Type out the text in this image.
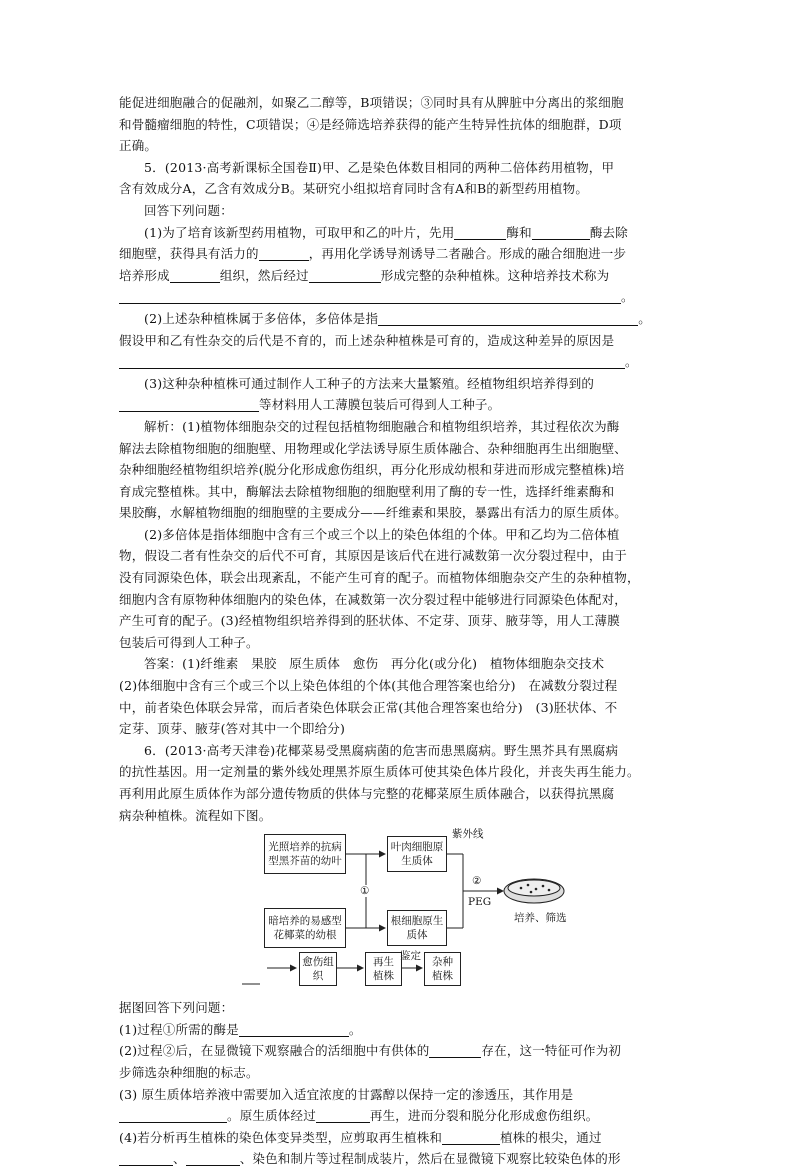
能促进细胞融合的促融剂，如聚乙二醇等，B项错误；③同时具有从脾脏中分离出的浆细胞

和骨髓瘤细胞的特性，C项错误；④是经筛选培养获得的能产生特异性抗体的细胞群，D项

正确。

5．(2013·高考新课标全国卷Ⅱ)甲、乙是染色体数目相同的两种二倍体药用植物，甲

含有效成分A，乙含有效成分B。某研究小组拟培育同时含有A和B的新型药用植物。

回答下列问题：

(1)为了培育该新型药用植物，可取甲和乙的叶片，先用	酶和	酶去除

细胞壁，获得具有活力的	，再用化学诱导剂诱导二者融合。形成的融合细胞进一步

培养形成	组织，然后经过	形成完整的杂种植株。这种培养技术称为

。

(2)上述杂种植株属于多倍体，多倍体是指	。

假设甲和乙有性杂交的后代是不育的，而上述杂种植株是可育的，造成这种差异的原因是

。

(3)这种杂种植株可通过制作人工种子的方法来大量繁殖。经植物组织培养得到的

等材料用人工薄膜包装后可得到人工种子。

解析：(1)植物体细胞杂交的过程包括植物细胞融合和植物组织培养，其过程依次为酶

解法去除植物细胞的细胞壁、用物理或化学法诱导原生质体融合、杂种细胞再生出细胞壁、

杂种细胞经植物组织培养(脱分化形成愈伤组织，再分化形成幼根和芽进而形成完整植株)培

育成完整植株。其中，酶解法去除植物细胞的细胞壁利用了酶的专一性，选择纤维素酶和

果胶酶，水解植物细胞的细胞壁的主要成分——纤维素和果胶，暴露出有活力的原生质体。

(2)多倍体是指体细胞中含有三个或三个以上的染色体组的个体。甲和乙均为二倍体植

物，假设二者有性杂交的后代不可育，其原因是该后代在进行减数第一次分裂过程中，由于

没有同源染色体，联会出现紊乱，不能产生可育的配子。而植物体细胞杂交产生的杂种植物，

细胞内含有原物种体细胞内的染色体，在减数第一次分裂过程中能够进行同源染色体配对，

产生可育的配子。(3)经植物组织培养得到的胚状体、不定芽、顶芽、腋芽等，用人工薄膜

包装后可得到人工种子。

答案：(1)纤维素　果胶　原生质体　愈伤　再分化(或分化)　植物体细胞杂交技术

(2)体细胞中含有三个或三个以上染色体组的个体(其他合理答案也给分)　在减数分裂过程

中，前者染色体联会异常，而后者染色体联会正常(其他合理答案也给分)　(3)胚状体、不

定芽、顶芽、腋芽(答对其中一个即给分)

6．(2013·高考天津卷)花椰菜易受黑腐病菌的危害而患黑腐病。野生黑芥具有黑腐病

的抗性基因。用一定剂量的紫外线处理黑芥原生质体可使其染色体片段化，并丧失再生能力。

再利用此原生质体作为部分遗传物质的供体与完整的花椰菜原生质体融合，以获得抗黑腐

病杂种植株。流程如下图。

光照培养的抗病型黑芥苗的幼叶
叶肉细胞原生质体
紫外线
①
②
PEG
暗培养的易感型花椰菜的幼根
根细胞原生质体
培养、筛选
愈伤组织
再生植株
鉴定	杂种植株

据图回答下列问题：

(1)过程①所需的酶是	。

(2)过程②后，在显微镜下观察融合的活细胞中有供体的	存在，这一特征可作为初

步筛选杂种细胞的标志。

(3) 原生质体培养液中需要加入适宜浓度的甘露醇以保持一定的渗透压，其作用是

。原生质体经过	再生，进而分裂和脱分化形成愈伤组织。

(4)若分析再生植株的染色体变异类型，应剪取再生植株和	植株的根尖，通过

、	、染色和制片等过程制成装片，然后在显微镜下观察比较染色体的形
